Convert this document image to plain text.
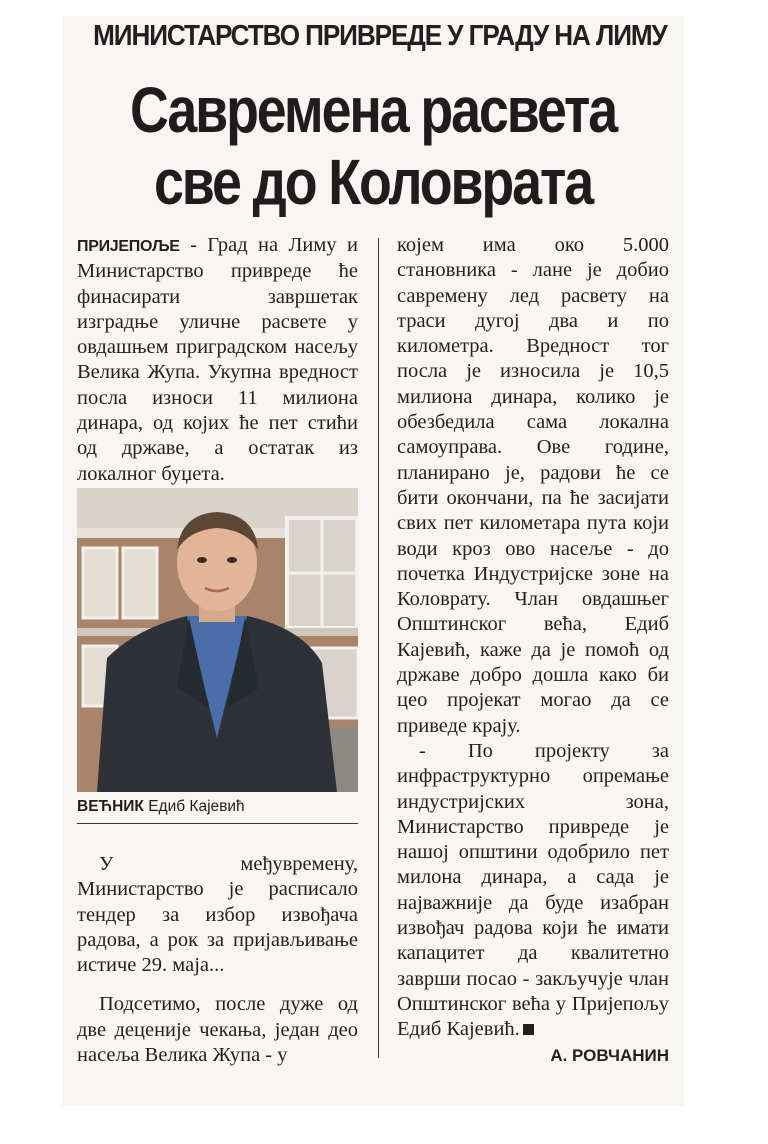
МИНИСТАРСТВО ПРИВРЕДЕ У ГРАДУ НА ЛИМУ
Савремена расвета
све до Коловрата

ПРИЈЕПОЉЕ - Град на Лиму и Министарство привреде ће финасирати завршетак изградње уличне расвете у овдашњем приградском насељу Велика Жупа. Укупна вредност посла износи 11 милиона динара, од којих ће пет стићи од државе, а остатак из локалног буџета.

ВЕЋНИК Едиб Кајевић

У међувремену, Министарство је расписало тендер за избор извођача радова, а рок за пријављивање истиче 29. маја...

Подсетимо, после дуже од две деценије чекања, један део насеља Велика Жупа - у

којем има око 5.000 становника - лане је добио савремену лед расвету на траси дугој два и по километра. Вредност тог посла је износила је 10,5 милиона динара, колико је обезбедила сама локална самоуправа. Ове године, планирано је, радови ће се бити окончани, па ће засијати свих пет километара пута који води кроз ово насеље - до почетка Индустријске зоне на Коловрату. Члан овдашњег Општинског већа, Едиб Кајевић, каже да је помоћ од државе добро дошла како би цео пројекат могао да се приведе крају.

- По пројекту за инфраструктурно опремање индустријских зона, Министарство привреде је нашој општини одобрило пет милона динара, а сада је најважније да буде изабран извођач радова који ће имати капацитет да квалитетно заврши посао - закључује члан Општинског већа у Пријепољу Едиб Кајевић.

А. РОВЧАНИН
